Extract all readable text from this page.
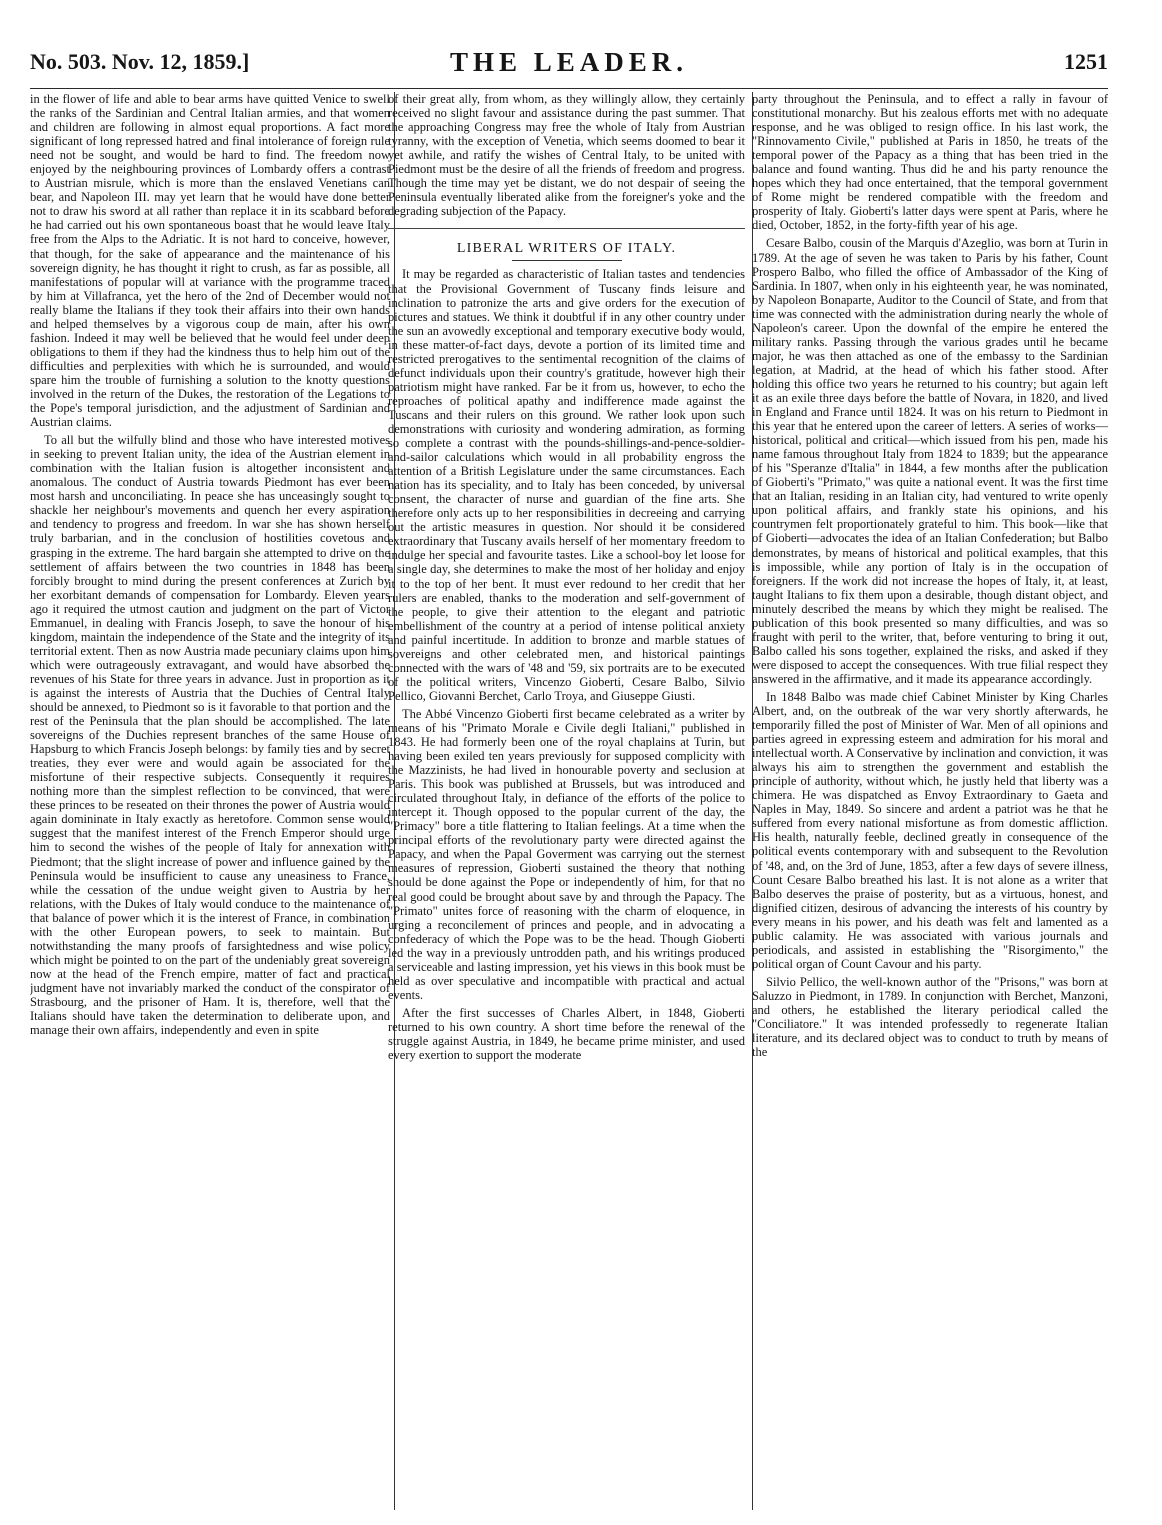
THE LEADER.
No. 503. Nov. 12, 1859.]	1251

in the flower of life and able to bear arms have quitted Venice to swell the ranks of the Sardinian and Central Italian armies, and that women and children are following in almost equal proportions. A fact more significant of long repressed hatred and final intolerance of foreign rule need not be sought, and would be hard to find. The freedom now enjoyed by the neighbouring provinces of Lombardy offers a contrast to Austrian misrule, which is more than the enslaved Venetians can bear, and Napoleon III. may yet learn that he would have done better not to draw his sword at all rather than replace it in its scabbard before he had carried out his own spontaneous boast that he would leave Italy free from the Alps to the Adriatic. It is not hard to conceive, however, that though, for the sake of appearance and the maintenance of his sovereign dignity, he has thought it right to crush, as far as possible, all manifestations of popular will at variance with the programme traced by him at Villafranca, yet the hero of the 2nd of December would not really blame the Italians if they took their affairs into their own hands and helped themselves by a vigorous coup de main, after his own fashion. Indeed it may well be believed that he would feel under deep obligations to them if they had the kindness thus to help him out of the difficulties and perplexities with which he is surrounded, and would spare him the trouble of furnishing a solution to the knotty questions involved in the return of the Dukes, the restoration of the Legations to the Pope's temporal jurisdiction, and the adjustment of Sardinian and Austrian claims.

To all but the wilfully blind and those who have interested motives in seeking to prevent Italian unity, the idea of the Austrian element in combination with the Italian fusion is altogether inconsistent and anomalous. The conduct of Austria towards Piedmont has ever been most harsh and unconciliating. In peace she has unceasingly sought to shackle her neighbour's movements and quench her every aspiration and tendency to progress and freedom. In war she has shown herself truly barbarian, and in the conclusion of hostilities covetous and grasping in the extreme. The hard bargain she attempted to drive on the settlement of affairs between the two countries in 1848 has been forcibly brought to mind during the present conferences at Zurich by her exorbitant demands of compensation for Lombardy. Eleven years ago it required the utmost caution and judgment on the part of Victor Emmanuel, in dealing with Francis Joseph, to save the honour of his kingdom, maintain the independence of the State and the integrity of its territorial extent. Then as now Austria made pecuniary claims upon him which were outrageously extravagant, and would have absorbed the revenues of his State for three years in advance. Just in proportion as it is against the interests of Austria that the Duchies of Central Italy should be annexed, to Piedmont so is it favorable to that portion and the rest of the Peninsula that the plan should be accomplished. The late sovereigns of the Duchies represent branches of the same House of Hapsburg to which Francis Joseph belongs: by family ties and by secret treaties, they ever were and would again be associated for the misfortune of their respective subjects. Consequently it requires nothing more than the simplest reflection to be convinced, that were these princes to be reseated on their thrones the power of Austria would again domininate in Italy exactly as heretofore. Common sense would suggest that the manifest interest of the French Emperor should urge him to second the wishes of the people of Italy for annexation with Piedmont; that the slight increase of power and influence gained by the Peninsula would be insufficient to cause any uneasiness to France, while the cessation of the undue weight given to Austria by her relations, with the Dukes of Italy would conduce to the maintenance of that balance of power which it is the interest of France, in combination with the other European powers, to seek to maintain. But notwithstanding the many proofs of farsightedness and wise policy which might be pointed to on the part of the undeniably great sovereign now at the head of the French empire, matter of fact and practical judgment have not invariably marked the conduct of the conspirator of Strasbourg, and the prisoner of Ham. It is, therefore, well that the Italians should have taken the determination to deliberate upon, and manage their own affairs, independently and even in spite

of their great ally, from whom, as they willingly allow, they certainly received no slight favour and assistance during the past summer. That the approaching Congress may free the whole of Italy from Austrian tyranny, with the exception of Venetia, which seems doomed to bear it yet awhile, and ratify the wishes of Central Italy, to be united with Piedmont must be the desire of all the friends of freedom and progress. Though the time may yet be distant, we do not despair of seeing the Peninsula eventually liberated alike from the foreigner's yoke and the degrading subjection of the Papacy.

LIBERAL WRITERS OF ITALY.

It may be regarded as characteristic of Italian tastes and tendencies that the Provisional Government of Tuscany finds leisure and inclination to patronize the arts and give orders for the execution of pictures and statues. We think it doubtful if in any other country under the sun an avowedly exceptional and temporary executive body would, in these matter-of-fact days, devote a portion of its limited time and restricted prerogatives to the sentimental recognition of the claims of defunct individuals upon their country's gratitude, however high their patriotism might have ranked. Far be it from us, however, to echo the reproaches of political apathy and indifference made against the Tuscans and their rulers on this ground. We rather look upon such demonstrations with curiosity and wondering admiration, as forming so complete a contrast with the pounds-shillings-and-pence-soldier-and-sailor calculations which would in all probability engross the attention of a British Legislature under the same circumstances. Each nation has its speciality, and to Italy has been conceded, by universal consent, the character of nurse and guardian of the fine arts. She therefore only acts up to her responsibilities in decreeing and carrying out the artistic measures in question. Nor should it be considered extraordinary that Tuscany avails herself of her momentary freedom to indulge her special and favourite tastes. Like a school-boy let loose for a single day, she determines to make the most of her holiday and enjoy it to the top of her bent. It must ever redound to her credit that her rulers are enabled, thanks to the moderation and self-government of the people, to give their attention to the elegant and patriotic embellishment of the country at a period of intense political anxiety and painful incertitude. In addition to bronze and marble statues of sovereigns and other celebrated men, and historical paintings connected with the wars of '48 and '59, six portraits are to be executed of the political writers, Vincenzo Gioberti, Cesare Balbo, Silvio Pellico, Giovanni Berchet, Carlo Troya, and Giuseppe Giusti.

The Abbé Vincenzo Gioberti first became celebrated as a writer by means of his "Primato Morale e Civile degli Italiani," published in 1843. He had formerly been one of the royal chaplains at Turin, but having been exiled ten years previously for supposed complicity with the Mazzinists, he had lived in honourable poverty and seclusion at Paris. This book was published at Brussels, but was introduced and circulated throughout Italy, in defiance of the efforts of the police to intercept it. Though opposed to the popular current of the day, the "Primacy" bore a title flattering to Italian feelings. At a time when the principal efforts of the revolutionary party were directed against the Papacy, and when the Papal Goverment was carrying out the sternest measures of repression, Gioberti sustained the theory that nothing should be done against the Pope or independently of him, for that no real good could be brought about save by and through the Papacy. The "Primato" unites force of reasoning with the charm of eloquence, in urging a reconcilement of princes and people, and in advocating a confederacy of which the Pope was to be the head. Though Gioberti led the way in a previously untrodden path, and his writings produced a serviceable and lasting impression, yet his views in this book must be held as over speculative and incompatible with practical and actual events.

After the first successes of Charles Albert, in 1848, Gioberti returned to his own country. A short time before the renewal of the struggle against Austria, in 1849, he became prime minister, and used every exertion to support the moderate

party throughout the Peninsula, and to effect a rally in favour of constitutional monarchy. But his zealous efforts met with no adequate response, and he was obliged to resign office. In his last work, the "Rinnovamento Civile," published at Paris in 1850, he treats of the temporal power of the Papacy as a thing that has been tried in the balance and found wanting. Thus did he and his party renounce the hopes which they had once entertained, that the temporal government of Rome might be rendered compatible with the freedom and prosperity of Italy. Gioberti's latter days were spent at Paris, where he died, October, 1852, in the forty-fifth year of his age.

Cesare Balbo, cousin of the Marquis d'Azeglio, was born at Turin in 1789. At the age of seven he was taken to Paris by his father, Count Prospero Balbo, who filled the office of Ambassador of the King of Sardinia. In 1807, when only in his eighteenth year, he was nominated, by Napoleon Bonaparte, Auditor to the Council of State, and from that time was connected with the administration during nearly the whole of Napoleon's career. Upon the downfal of the empire he entered the military ranks. Passing through the various grades until he became major, he was then attached as one of the embassy to the Sardinian legation, at Madrid, at the head of which his father stood. After holding this office two years he returned to his country; but again left it as an exile three days before the battle of Novara, in 1820, and lived in England and France until 1824. It was on his return to Piedmont in this year that he entered upon the career of letters. A series of works—historical, political and critical—which issued from his pen, made his name famous throughout Italy from 1824 to 1839; but the appearance of his "Speranze d'Italia" in 1844, a few months after the publication of Gioberti's "Primato," was quite a national event. It was the first time that an Italian, residing in an Italian city, had ventured to write openly upon political affairs, and frankly state his opinions, and his countrymen felt proportionately grateful to him. This book—like that of Gioberti—advocates the idea of an Italian Confederation; but Balbo demonstrates, by means of historical and political examples, that this is impossible, while any portion of Italy is in the occupation of foreigners. If the work did not increase the hopes of Italy, it, at least, taught Italians to fix them upon a desirable, though distant object, and minutely described the means by which they might be realised. The publication of this book presented so many difficulties, and was so fraught with peril to the writer, that, before venturing to bring it out, Balbo called his sons together, explained the risks, and asked if they were disposed to accept the consequences. With true filial respect they answered in the affirmative, and it made its appearance accordingly.

In 1848 Balbo was made chief Cabinet Minister by King Charles Albert, and, on the outbreak of the war very shortly afterwards, he temporarily filled the post of Minister of War. Men of all opinions and parties agreed in expressing esteem and admiration for his moral and intellectual worth. A Conservative by inclination and conviction, it was always his aim to strengthen the government and establish the principle of authority, without which, he justly held that liberty was a chimera. He was dispatched as Envoy Extraordinary to Gaeta and Naples in May, 1849. So sincere and ardent a patriot was he that he suffered from every national misfortune as from domestic affliction. His health, naturally feeble, declined greatly in consequence of the political events contemporary with and subsequent to the Revolution of '48, and, on the 3rd of June, 1853, after a few days of severe illness, Count Cesare Balbo breathed his last. It is not alone as a writer that Balbo deserves the praise of posterity, but as a virtuous, honest, and dignified citizen, desirous of advancing the interests of his country by every means in his power, and his death was felt and lamented as a public calamity. He was associated with various journals and periodicals, and assisted in establishing the "Risorgimento," the political organ of Count Cavour and his party.

Silvio Pellico, the well-known author of the "Prisons," was born at Saluzzo in Piedmont, in 1789. In conjunction with Berchet, Manzoni, and others, he established the literary periodical called the "Conciliatore." It was intended professedly to regenerate Italian literature, and its declared object was to conduct to truth by means of the
